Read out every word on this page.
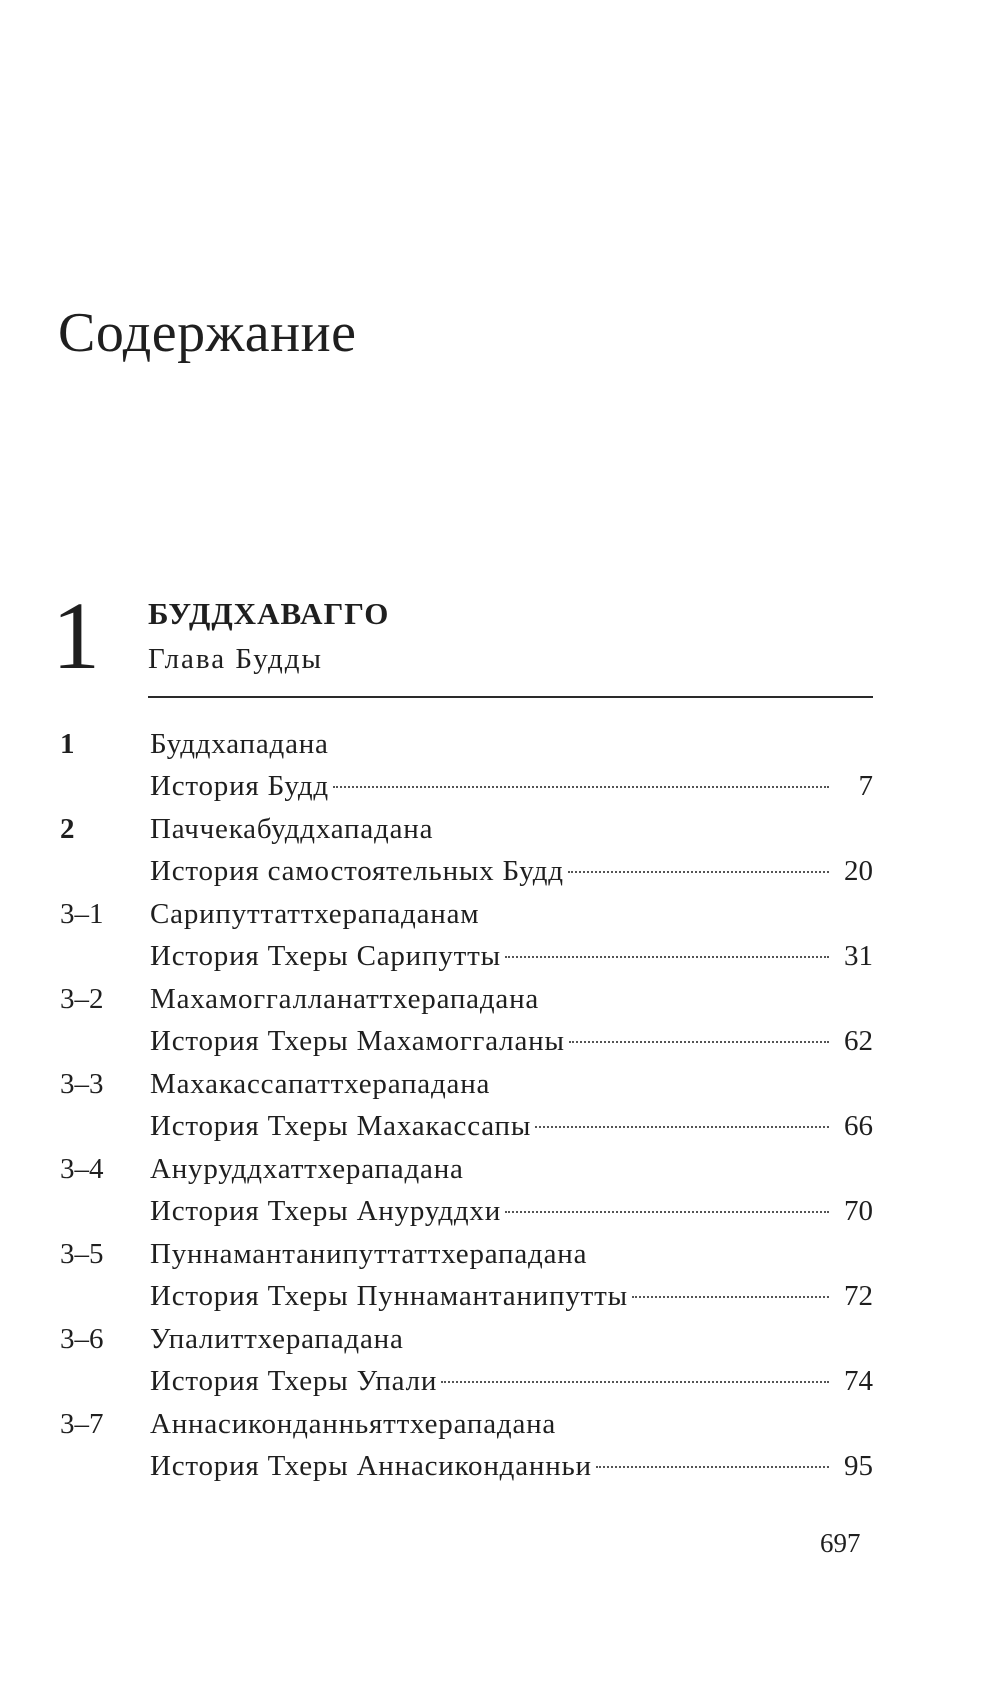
Содержание
1 БУДДХАВАГГО
Глава Будды
1	Буддхападана
История Будд	7
2	Паччекабуддхападана
История самостоятельных Будд	20
3–1 Сарипуттаттхерападанам
История Тхеры Сарипутты	31
3–2 Махамоггалланаттхерападана
История Тхеры Махамоггаланы	62
3–3 Махакассапаттхерападана
История Тхеры Махакассапы	66
3–4 Ануруддхаттхерападана
История Тхеры Ануруддхи	70
3–5 Пуннамантанипуттаттхерападана
История Тхеры Пуннамантанипутты	72
3–6 Упалиттхерападана
История Тхеры Упали	74
3–7 Аннасиконданньяттхерападана
История Тхеры Аннасиконданньи	95
697
